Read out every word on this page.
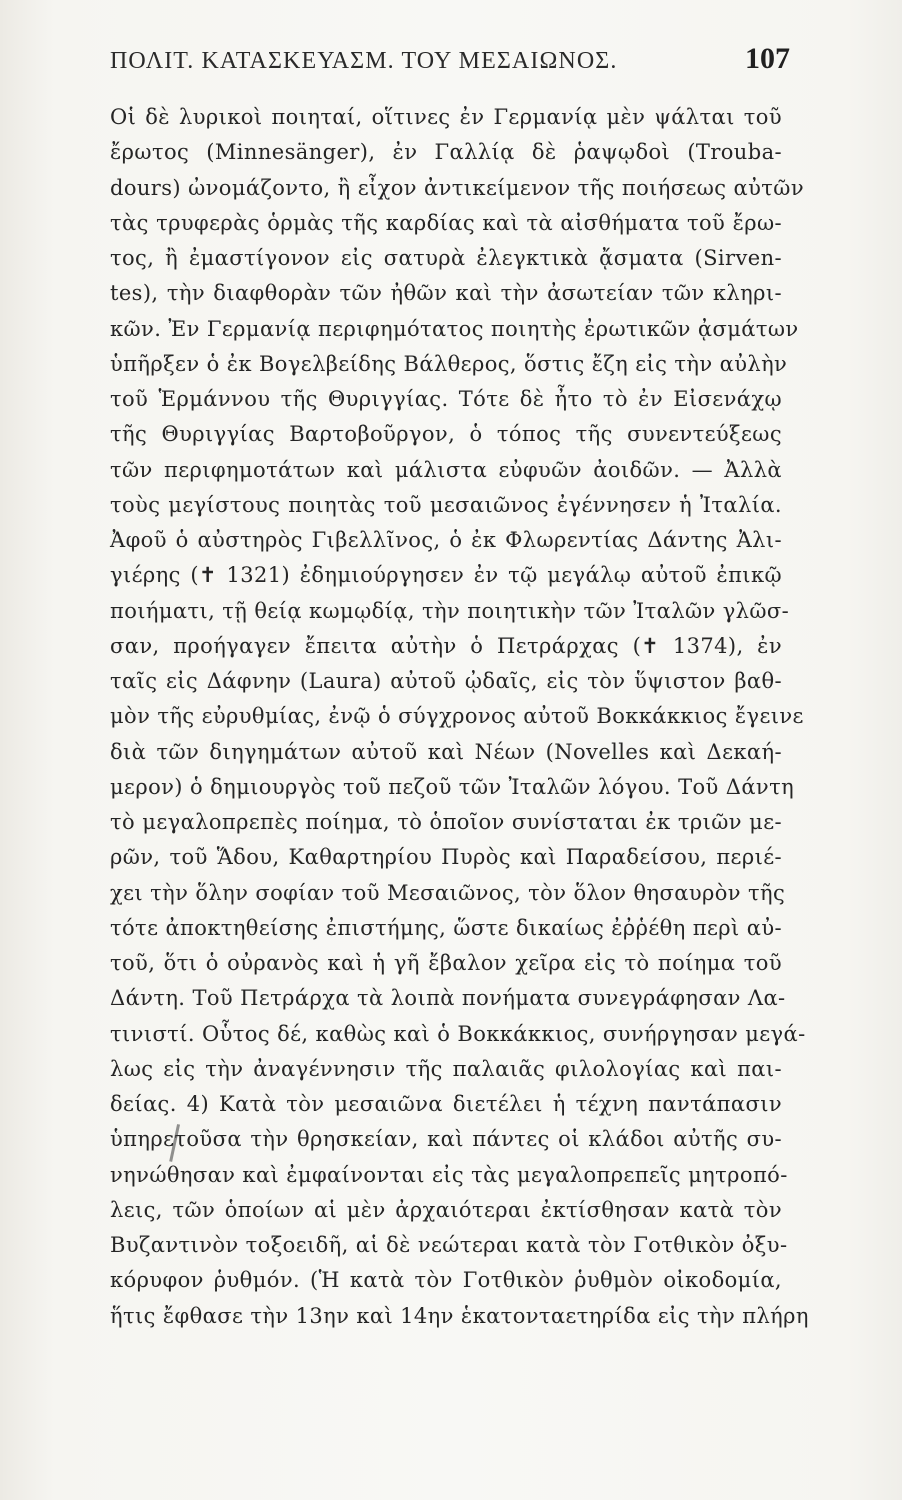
ΠΟΛΙΤ. ΚΑΤΑΣΚΕΥΑΣΜ. ΤΟΥ ΜΕΣΑΙΩΝΟΣ.	107
Οἱ δὲ λυρικοὶ ποιηταί, οἵτινες ἐν Γερμανίᾳ μὲν ψάλται τοῦ
ἔρωτος (Minnesänger), ἐν Γαλλίᾳ δὲ ῥαψῳδοὶ (Trouba-
dours) ὠνομάζοντο, ἢ εἶχον ἀντικείμενον τῆς ποιήσεως αὐτῶν
τὰς τρυφερὰς ὁρμὰς τῆς καρδίας καὶ τὰ αἰσθήματα τοῦ ἔρω-
τος, ἢ ἐμαστίγονον εἰς σατυρὰ ἐλεγκτικὰ ᾄσματα (Sirven-
tes), τὴν διαφθορὰν τῶν ἠθῶν καὶ τὴν ἀσωτείαν τῶν κληρι-
κῶν. Ἐν Γερμανίᾳ περιφημότατος ποιητὴς ἐρωτικῶν ᾀσμάτων
ὑπῆρξεν ὁ ἐκ Βογελβείδης Βάλθερος, ὅστις ἔζη εἰς τὴν αὐλὴν
τοῦ Ἑρμάννου τῆς Θυριγγίας. Τότε δὲ ἦτο τὸ ἐν Εἰσενάχῳ
τῆς Θυριγγίας Βαρτοβοῦργον, ὁ τόπος τῆς συνεντεύξεως
τῶν περιφημοτάτων καὶ μάλιστα εὐφυῶν ἀοιδῶν. — Ἀλλὰ
τοὺς μεγίστους ποιητὰς τοῦ μεσαιῶνος ἐγέννησεν ἡ Ἰταλία.
Ἀφοῦ ὁ αὐστηρὸς Γιβελλῖνος, ὁ ἐκ Φλωρεντίας Δάντης Ἀλι-
γιέρης (✝ 1321) ἐδημιούργησεν ἐν τῷ μεγάλῳ αὐτοῦ ἐπικῷ
ποιήματι, τῇ θείᾳ κωμῳδίᾳ, τὴν ποιητικὴν τῶν Ἰταλῶν γλῶσ-
σαν, προήγαγεν ἔπειτα αὐτὴν ὁ Πετράρχας (✝ 1374), ἐν
ταῖς εἰς Δάφνην (Laura) αὐτοῦ ᾠδαῖς, εἰς τὸν ὕψιστον βαθ-
μὸν τῆς εὐρυθμίας, ἐνῷ ὁ σύγχρονος αὐτοῦ Βοκκάκκιος ἔγεινε
διὰ τῶν διηγημάτων αὐτοῦ καὶ Νέων (Novelles καὶ Δεκαή-
μερον) ὁ δημιουργὸς τοῦ πεζοῦ τῶν Ἰταλῶν λόγου. Τοῦ Δάντη
τὸ μεγαλοπρεπὲς ποίημα, τὸ ὁποῖον συνίσταται ἐκ τριῶν με-
ρῶν, τοῦ Ἅδου, Καθαρτηρίου Πυρὸς καὶ Παραδείσου, περιέ-
χει τὴν ὅλην σοφίαν τοῦ Μεσαιῶνος, τὸν ὅλον θησαυρὸν τῆς
τότε ἀποκτηθείσης ἐπιστήμης, ὥστε δικαίως ἐῤῥέθη περὶ αὐ-
τοῦ, ὅτι ὁ οὐρανὸς καὶ ἡ γῆ ἔβαλον χεῖρα εἰς τὸ ποίημα τοῦ
Δάντη. Τοῦ Πετράρχα τὰ λοιπὰ πονήματα συνεγράφησαν Λα-
τινιστί. Οὗτος δέ, καθὼς καὶ ὁ Βοκκάκκιος, συνήργησαν μεγά-
λως εἰς τὴν ἀναγέννησιν τῆς παλαιᾶς φιλολογίας καὶ παι-
δείας. 4) Κατὰ τὸν μεσαιῶνα διετέλει ἡ τέχνη παντάπασιν
ὑπηρετοῦσα τὴν θρησκείαν, καὶ πάντες οἱ κλάδοι αὐτῆς συ-
νηνώθησαν καὶ ἐμφαίνονται εἰς τὰς μεγαλοπρεπεῖς μητροπό-
λεις, τῶν ὁποίων αἱ μὲν ἀρχαιότεραι ἐκτίσθησαν κατὰ τὸν
Βυζαντινὸν τοξοειδῆ, αἱ δὲ νεώτεραι κατὰ τὸν Γοτθικὸν ὀξυ-
κόρυφον ῥυθμόν. (Ἡ κατὰ τὸν Γοτθικὸν ῥυθμὸν οἰκοδομία,
ἥτις ἔφθασε τὴν 13ην καὶ 14ην ἑκατονταετηρίδα εἰς τὴν πλήρη
